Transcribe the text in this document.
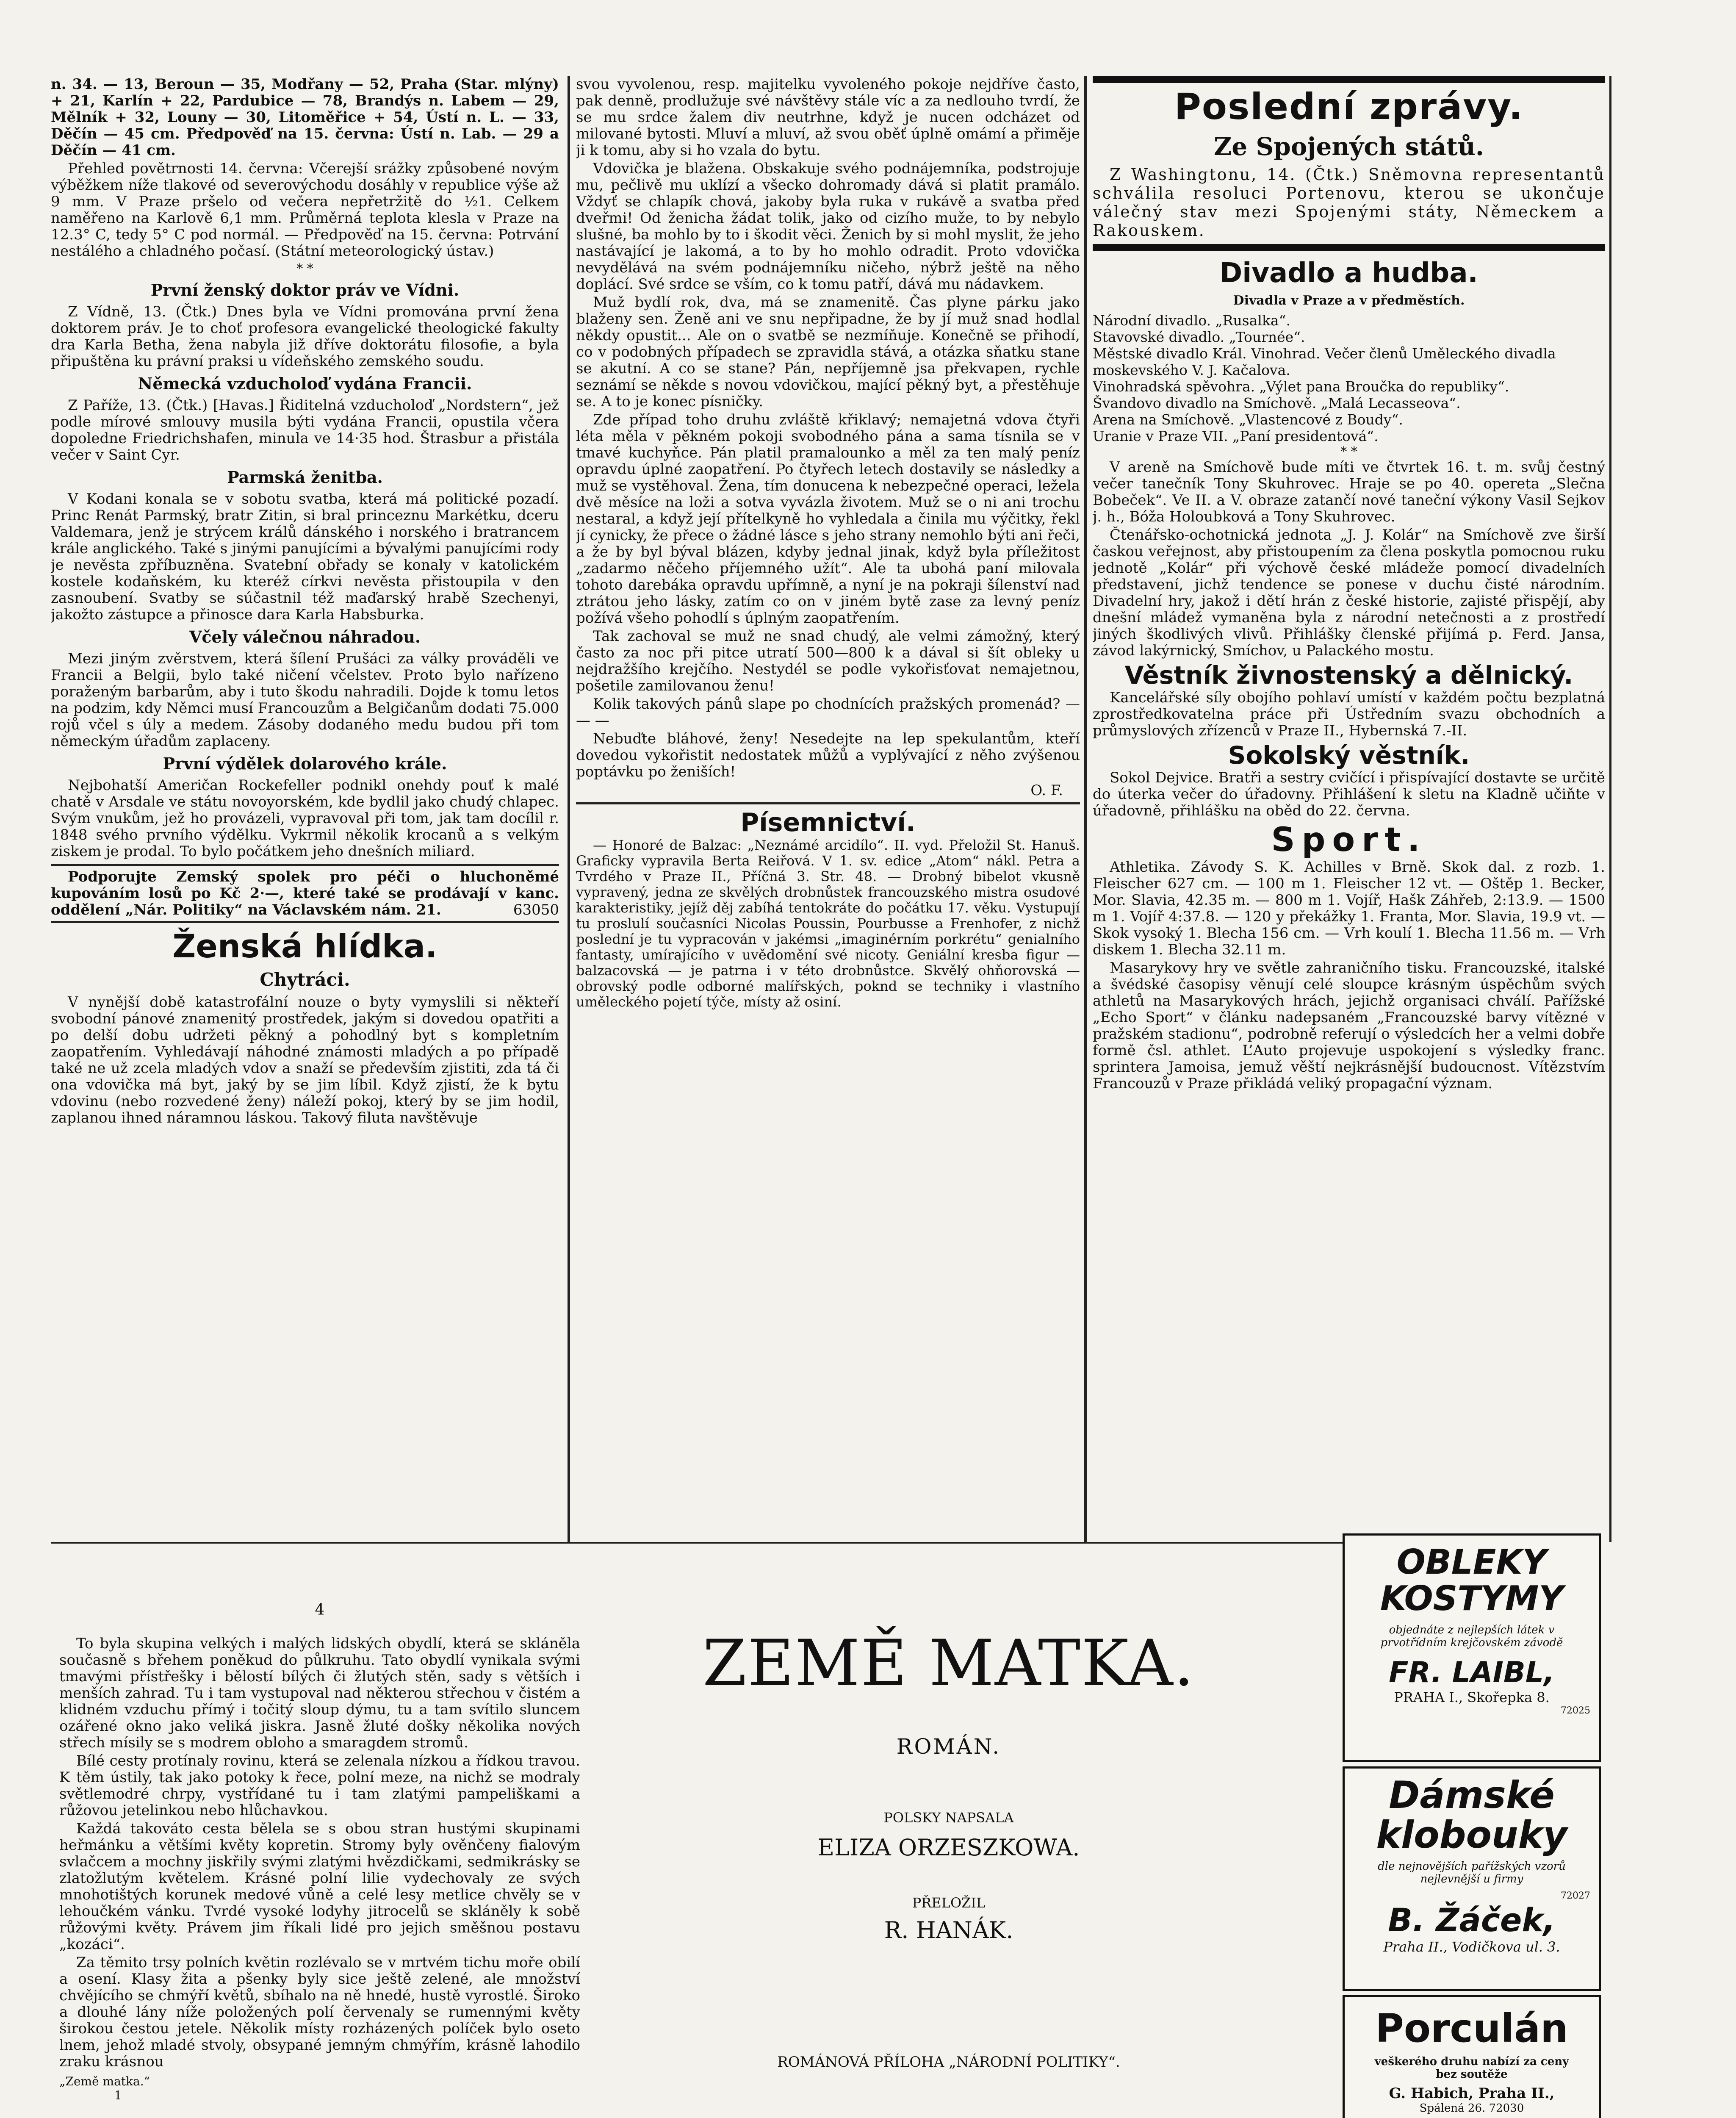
n. 34. — 13, Beroun — 35, Modřany — 52, Praha (Star. mlýny) + 21, Karlín + 22, Pardubice — 78, Brandýs n. Labem — 29, Mělník + 32, Louny — 30, Litoměřice + 54, Ústí n. L. — 33, Děčín — 45 cm. Předpověď na 15. června: Ústí n. Lab. — 29 a Děčín — 41 cm.

Přehled povětrnosti 14. června: Včerejší srážky způsobené novým výběžkem níže tlakové od severovýchodu dosáhly v republice výše až 9 mm. V Praze pršelo od večera nepřetržitě do ½1. Celkem naměřeno na Karlově 6,1 mm. Průměrná teplota klesla v Praze na 12.3° C, tedy 5° C pod normál. — Předpověď na 15. června: Potrvání nestálého a chladného počasí. (Státní meteorologický ústav.)

* *
První ženský doktor práv ve Vídni.

Z Vídně, 13. (Čtk.) Dnes byla ve Vídni promována první žena doktorem práv. Je to choť profesora evangelické theologické fakulty dra Karla Betha, žena nabyla již dříve doktorátu filosofie, a byla připuštěna ku právní praksi u vídeňského zemského soudu.

Německá vzducholoď vydána Francii.

Z Paříže, 13. (Čtk.) [Havas.] Řiditelná vzducholoď „Nordstern“, jež podle mírové smlouvy musila býti vydána Francii, opustila včera dopoledne Friedrichshafen, minula ve 14·35 hod. Štrasbur a přistála večer v Saint Cyr.

Parmská ženitba.

V Kodani konala se v sobotu svatba, která má politické pozadí. Princ Renát Parmský, bratr Zitin, si bral princeznu Markétku, dceru Valdemara, jenž je strýcem králů dánského i norského i bratrancem krále anglického. Také s jinými panujícími a bývalými panujícími rody je nevěsta zpříbuzněna. Svatební obřady se konaly v katolickém kostele kodaňském, ku kteréž církvi nevěsta přistoupila v den zasnoubení. Svatby se súčastnil též maďarský hrabě Szechenyi, jakožto zástupce a přinosce dara Karla Habsburka.

Včely válečnou náhradou.

Mezi jiným zvěrstvem, která šílení Prušáci za války prováděli ve Francii a Belgii, bylo také ničení včelstev. Proto bylo nařízeno poraženým barbarům, aby i tuto škodu nahradili. Dojde k tomu letos na podzim, kdy Němci musí Francouzům a Belgičanům dodati 75.000 rojů včel s úly a medem. Zásoby dodaného medu budou při tom německým úřadům zaplaceny.

První výdělek dolarového krále.

Nejbohatší Američan Rockefeller podnikl onehdy pouť k malé chatě v Arsdale ve státu novoyorském, kde bydlil jako chudý chlapec. Svým vnukům, jež ho provázeli, vypravoval při tom, jak tam docílil r. 1848 svého prvního výdělku. Vykrmil několik krocanů a s velkým ziskem je prodal. To bylo počátkem jeho dnešních miliard.

Podporujte Zemský spolek pro péči o hluchoněmé kupováním losů po Kč 2·—, které také se prodávají v kanc. oddělení „Nár. Politiky“ na Václavském nám. 21.	63050

Ženská hlídka.
Chytráci.

V nynější době katastrofální nouze o byty vymyslili si někteří svobodní pánové znamenitý prostředek, jakým si dovedou opatřiti a po delší dobu udržeti pěkný a pohodlný byt s kompletním zaopatřením. Vyhledávají náhodné známosti mladých a po případě také ne už zcela mladých vdov a snaží se především zjistiti, zda tá či ona vdovička má byt, jaký by se jim líbil. Když zjistí, že k bytu vdovinu (nebo rozvedené ženy) náleží pokoj, který by se jim hodil, zaplanou ihned náramnou láskou. Takový filuta navštěvuje

svou vyvolenou, resp. majitelku vyvoleného pokoje nejdříve často, pak denně, prodlužuje své návštěvy stále víc a za nedlouho tvrdí, že se mu srdce žalem div neutrhne, když je nucen odcházet od milované bytosti. Mluví a mluví, až svou oběť úplně omámí a přiměje ji k tomu, aby si ho vzala do bytu.

Vdovička je blažena. Obskakuje svého podnájemníka, podstrojuje mu, pečlivě mu uklízí a všecko dohromady dává si platit pramálo. Vždyť se chlapík chová, jakoby byla ruka v rukávě a svatba před dveřmi! Od ženicha žádat tolik, jako od cizího muže, to by nebylo slušné, ba mohlo by to i škodit věci. Ženich by si mohl myslit, že jeho nastávající je lakomá, a to by ho mohlo odradit. Proto vdovička nevydělává na svém podnájemníku ničeho, nýbrž ještě na něho doplácí. Své srdce se vším, co k tomu patří, dává mu nádavkem.

Muž bydlí rok, dva, má se znamenitě. Čas plyne párku jako blaženy sen. Ženě ani ve snu nepřipadne, že by jí muž snad hodlal někdy opustit... Ale on o svatbě se nezmíňuje. Konečně se přihodí, co v podobných případech se zpravidla stává, a otázka sňatku stane se akutní. A co se stane? Pán, nepříjemně jsa překvapen, rychle seznámí se někde s novou vdovičkou, mající pěkný byt, a přestěhuje se. A to je konec písničky.

Zde případ toho druhu zvláště křiklavý; nemajetná vdova čtyři léta měla v pěkném pokoji svobodného pána a sama tísnila se v tmavé kuchyňce. Pán platil pramalounko a měl za ten malý peníz opravdu úplné zaopatření. Po čtyřech letech dostavily se následky a muž se vystěhoval. Žena, tím donucena k nebezpečné operaci, ležela dvě měsíce na loži a sotva vyvázla životem. Muž se o ni ani trochu nestaral, a když její přítelkyně ho vyhledala a činila mu výčitky, řekl jí cynicky, že přece o žádné lásce s jeho strany nemohlo býti ani řeči, a že by byl býval blázen, kdyby jednal jinak, když byla příležitost „zadarmo něčeho příjemného užít“. Ale ta ubohá paní milovala tohoto darebáka opravdu upřímně, a nyní je na pokraji šílenství nad ztrátou jeho lásky, zatím co on v jiném bytě zase za levný peníz požívá všeho pohodlí s úplným zaopatřením.

Tak zachoval se muž ne snad chudý, ale velmi zámožný, který často za noc při pitce utratí 500—800 k a dával si šít obleky u nejdražšího krejčího. Nestydél se podle vykořisťovat nemajetnou, pošetile zamilovanou ženu!

Kolik takových pánů slape po chodnících pražských promenád? — — —

Nebuďte bláhové, ženy! Nesedejte na lep spekulantům, kteří dovedou vykořistit nedostatek můžů a vyplývající z něho zvýšenou poptávku po ženiších!

O. F.
Písemnictví.

— Honoré de Balzac: „Neznámé arcidílo“. II. vyd. Přeložil St. Hanuš. Graficky vypravila Berta Reiřová. V 1. sv. edice „Atom“ nákl. Petra a Tvrdého v Praze II., Příčná 3. Str. 48. — Drobný bibelot vkusně vypravený, jedna ze skvělých drobnůstek francouzského mistra osudové karakteristiky, jejíž děj zabíhá tentokráte do počátku 17. věku. Vystupují tu proslulí současníci Nicolas Poussin, Pourbusse a Frenhofer, z nichž poslední je tu vypracován v jakémsi „imaginérním porkrétu“ genialního fantasty, umírajícího v uvědomění své nicoty. Geniální kresba figur — balzacovská — je patrna i v této drobnůstce. Skvělý ohňorovská — obrovský podle odborné malířských, poknd se techniky i vlastního uměleckého pojetí týče, místy až osiní.

Poslední zprávy.
Ze Spojených států.

Z Washingtonu, 14. (Čtk.) Sněmovna representantů schválila resoluci Portenovu, kterou se ukončuje válečný stav mezi Spojenými státy, Německem a Rakouskem.

Divadlo a hudba.
Divadla v Praze a v předměstích.
Národní divadlo. „Rusalka“.
Stavovské divadlo. „Tournée“.
Městské divadlo Král. Vinohrad. Večer členů Uměleckého divadla moskevského V. J. Kačalova.
Vinohradská spěvohra. „Výlet pana Broučka do republiky“.
Švandovo divadlo na Smíchově. „Malá Lecasseova“.
Arena na Smíchově. „Vlastencové z Boudy“.
Uranie v Praze VII. „Paní presidentová“.
* *

V areně na Smíchově bude míti ve čtvrtek 16. t. m. svůj čestný večer tanečník Tony Skuhrovec. Hraje se po 40. opereta „Slečna Bobeček“. Ve II. a V. obraze zatančí nové taneční výkony Vasil Sejkov j. h., Bóža Holoubková a Tony Skuhrovec.

Čtenářsko-ochotnická jednota „J. J. Kolár“ na Smíchově zve širší časkou veřejnost, aby přistoupením za člena poskytla pomocnou ruku jednotě „Kolár“ při výchově české mládeže pomocí divadelních představení, jichž tendence se ponese v duchu čisté národním. Divadelní hry, jakož i dětí hrán z české historie, zajisté přispějí, aby dnešní mládež vymaněna byla z národní netečnosti a z prostředí jiných škodlivých vlivů. Přihlášky členské přijímá p. Ferd. Jansa, závod lakýrnický, Smíchov, u Palackého mostu.

Věstník živnostenský a dělnický.

Kancelářské síly obojího pohlaví umístí v každém počtu bezplatná zprostředkovatelna práce při Ústředním svazu obchodních a průmyslových zřízenců v Praze II., Hybernská 7.-II.

Sokolský věstník.

Sokol Dejvice. Bratři a sestry cvičící i přispívající dostavte se určitě do úterka večer do úřadovny. Přihlášení k sletu na Kladně učiňte v úřadovně, přihlášku na oběd do 22. června.

Sport.

Athletika. Závody S. K. Achilles v Brně. Skok dal. z rozb. 1. Fleischer 627 cm. — 100 m 1. Fleischer 12 vt. — Oštěp 1. Becker, Mor. Slavia, 42.35 m. — 800 m 1. Vojíř, Hašk Záhřeb, 2:13.9. — 1500 m 1. Vojíř 4:37.8. — 120 y překážky 1. Franta, Mor. Slavia, 19.9 vt. — Skok vysoký 1. Blecha 156 cm. — Vrh koulí 1. Blecha 11.56 m. — Vrh diskem 1. Blecha 32.11 m.

Masarykovy hry ve světle zahraničního tisku. Francouzské, italské a švédské časopisy věnují celé sloupce krásným úspěchům svých athletů na Masarykových hrách, jejichž organisaci chválí. Pařížské „Echo Sport“ v článku nadepsaném „Francouzské barvy vítězné v pražském stadionu“, podrobně referují o výsledcích her a velmi dobře formě čsl. athlet. L’Auto projevuje uspokojení s výsledky franc. sprintera Jamoisa, jemuž věští nejkrásnější budoucnost. Vítězstvím Francouzů v Praze přikládá veliký propagační význam.

4

To byla skupina velkých i malých lidských obydlí, která se skláněla současně s břehem poněkud do půlkruhu. Tato obydlí vynikala svými tmavými přístřešky i bělostí bílých či žlutých stěn, sady s větších i menších zahrad. Tu i tam vystupoval nad některou střechou v čistém a klidném vzduchu přímý i točitý sloup dýmu, tu a tam svítilo sluncem ozářené okno jako veliká jiskra. Jasně žluté došky několika nových střech mísily se s modrem obloho a smaragdem stromů.

Bílé cesty protínaly rovinu, která se zelenala nízkou a řídkou travou. K těm ústily, tak jako potoky k řece, polní meze, na nichž se modraly světlemodré chrpy, vystřídané tu i tam zlatými pampeliškami a růžovou jetelinkou nebo hlůchavkou.

Každá takováto cesta bělela se s obou stran hustými skupinami heřmánku a většími květy kopretin. Stromy byly ověnčeny fialovým svlačcem a mochny jiskřily svými zlatými hvězdičkami, sedmikrásky se zlatožlutým květelem. Krásné polní lilie vydechovaly ze svých mnohotištých korunek medové vůně a celé lesy metlice chvěly se v lehoučkém vánku. Tvrdé vysoké lodyhy jitrocelů se skláněly k sobě růžovými květy. Právem jim říkali lidé pro jejich směšnou postavu „kozáci“.

Za těmito trsy polních květin rozlévalo se v mrtvém tichu moře obilí a osení. Klasy žita a pšenky byly sice ještě zelené, ale množství chvějícího se chmýří květů, sbíhalo na ně hnedé, hustě vyrostlé. Široko a dlouhé lány níže položených polí červenaly se rumennými květy širokou čestou jetele. Několik místy rozházených políček bylo oseto lnem, jehož mladé stvoly, obsypané jemným chmýřím, krásně lahodilo zraku krásnou

„Země matka.“
1
ZEMĚ MATKA.
ROMÁN.
POLSKY NAPSALA
ELIZA ORZESZKOWA.
PŘELOŽIL
R. HANÁK.
ROMÁNOVÁ PŘÍLOHA „NÁRODNÍ POLITIKY“.
OBLEKY
KOSTYMY
objednáte z nejlepších látek v prvotřídním krejčovském závodě
FR. LAIBL,
PRAHA I., Skořepka 8.
72025
Dámské
klobouky
dle nejnovějších pařížských vzorů nejlevnější u firmy
72027
B. Žáček,
Praha II., Vodičkova ul. 3.
Porculán
veškerého druhu nabízí za ceny bez soutěže
G. Habich, Praha II.,
Spálená 26. 72030
